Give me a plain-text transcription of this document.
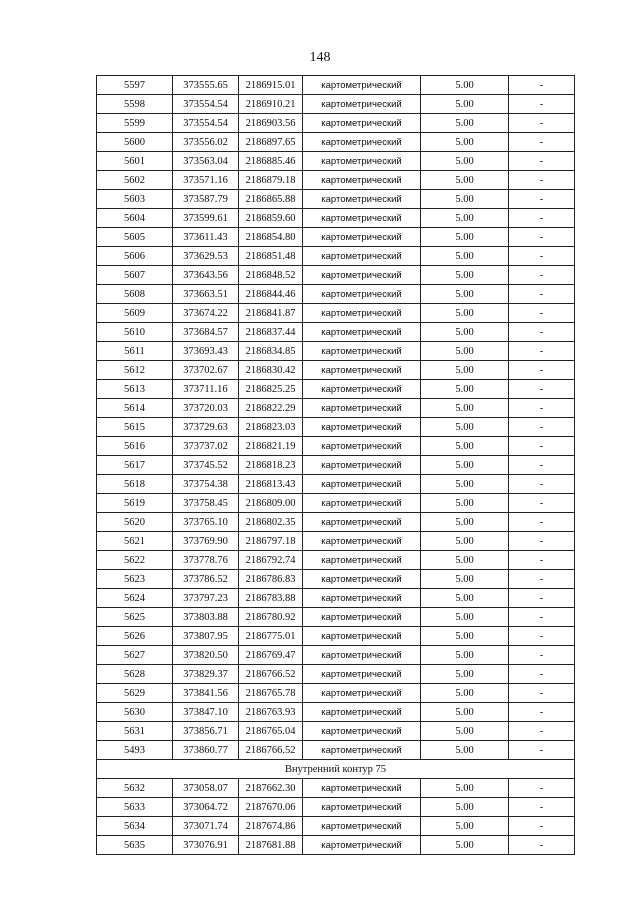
148
5597	373555.65	2186915.01	картометрический	5.00	-
5598	373554.54	2186910.21	картометрический	5.00	-
5599	373554.54	2186903.56	картометрический	5.00	-
5600	373556.02	2186897.65	картометрический	5.00	-
5601	373563.04	2186885.46	картометрический	5.00	-
5602	373571.16	2186879.18	картометрический	5.00	-
5603	373587.79	2186865.88	картометрический	5.00	-
5604	373599.61	2186859.60	картометрический	5.00	-
5605	373611.43	2186854.80	картометрический	5.00	-
5606	373629.53	2186851.48	картометрический	5.00	-
5607	373643.56	2186848.52	картометрический	5.00	-
5608	373663.51	2186844.46	картометрический	5.00	-
5609	373674.22	2186841.87	картометрический	5.00	-
5610	373684.57	2186837.44	картометрический	5.00	-
5611	373693.43	2186834.85	картометрический	5.00	-
5612	373702.67	2186830.42	картометрический	5.00	-
5613	373711.16	2186825.25	картометрический	5.00	-
5614	373720.03	2186822.29	картометрический	5.00	-
5615	373729.63	2186823.03	картометрический	5.00	-
5616	373737.02	2186821.19	картометрический	5.00	-
5617	373745.52	2186818.23	картометрический	5.00	-
5618	373754.38	2186813.43	картометрический	5.00	-
5619	373758.45	2186809.00	картометрический	5.00	-
5620	373765.10	2186802.35	картометрический	5.00	-
5621	373769.90	2186797.18	картометрический	5.00	-
5622	373778.76	2186792.74	картометрический	5.00	-
5623	373786.52	2186786.83	картометрический	5.00	-
5624	373797.23	2186783.88	картометрический	5.00	-
5625	373803.88	2186780.92	картометрический	5.00	-
5626	373807.95	2186775.01	картометрический	5.00	-
5627	373820.50	2186769.47	картометрический	5.00	-
5628	373829.37	2186766.52	картометрический	5.00	-
5629	373841.56	2186765.78	картометрический	5.00	-
5630	373847.10	2186763.93	картометрический	5.00	-
5631	373856.71	2186765.04	картометрический	5.00	-
5493	373860.77	2186766.52	картометрический	5.00	-
Внутренний контур 75					
5632	373058.07	2187662.30	картометрический	5.00	-
5633	373064.72	2187670.06	картометрический	5.00	-
5634	373071.74	2187674.86	картометрический	5.00	-
5635	373076.91	2187681.88	картометрический	5.00	-
